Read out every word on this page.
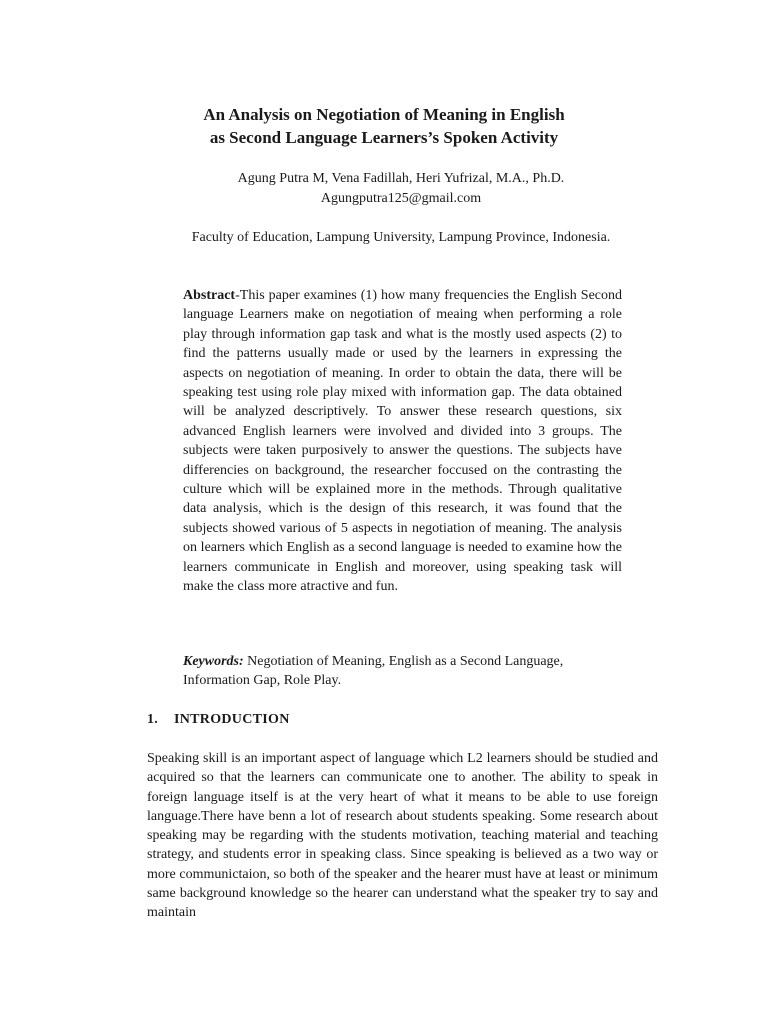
An Analysis on Negotiation of Meaning in English
as Second Language Learners’s Spoken Activity
Agung Putra M, Vena Fadillah, Heri Yufrizal, M.A., Ph.D.
Agungputra125@gmail.com
Faculty of Education, Lampung University, Lampung Province, Indonesia.

Abstract-This paper examines (1) how many frequencies the English Second language Learners make on negotiation of meaing when performing a role play through information gap task and what is the mostly used aspects (2) to find the patterns usually made or used by the learners in expressing the aspects on negotiation of meaning. In order to obtain the data, there will be speaking test using role play mixed with information gap. The data obtained will be analyzed descriptively. To answer these research questions, six advanced English learners were involved and divided into 3 groups. The subjects were taken purposively to answer the questions. The subjects have differencies on background, the researcher foccused on the contrasting the culture which will be explained more in the methods. Through qualitative data analysis, which is the design of this research, it was found that the subjects showed various of 5 aspects in negotiation of meaning. The analysis on learners which English as a second language is needed to examine how the learners communicate in English and moreover, using speaking task will make the class more atractive and fun.

Keywords: Negotiation of Meaning, English as a Second Language, Information Gap, Role Play.

1. INTRODUCTION

Speaking skill is an important aspect of language which L2 learners should be studied and acquired so that the learners can communicate one to another. The ability to speak in foreign language itself is at the very heart of what it means to be able to use foreign language.There have benn a lot of research about students speaking. Some research about speaking may be regarding with the students motivation, teaching material and teaching strategy, and students error in speaking class. Since speaking is believed as a two way or more communictaion, so both of the speaker and the hearer must have at least or minimum same background knowledge so the hearer can understand what the speaker try to say and maintain
